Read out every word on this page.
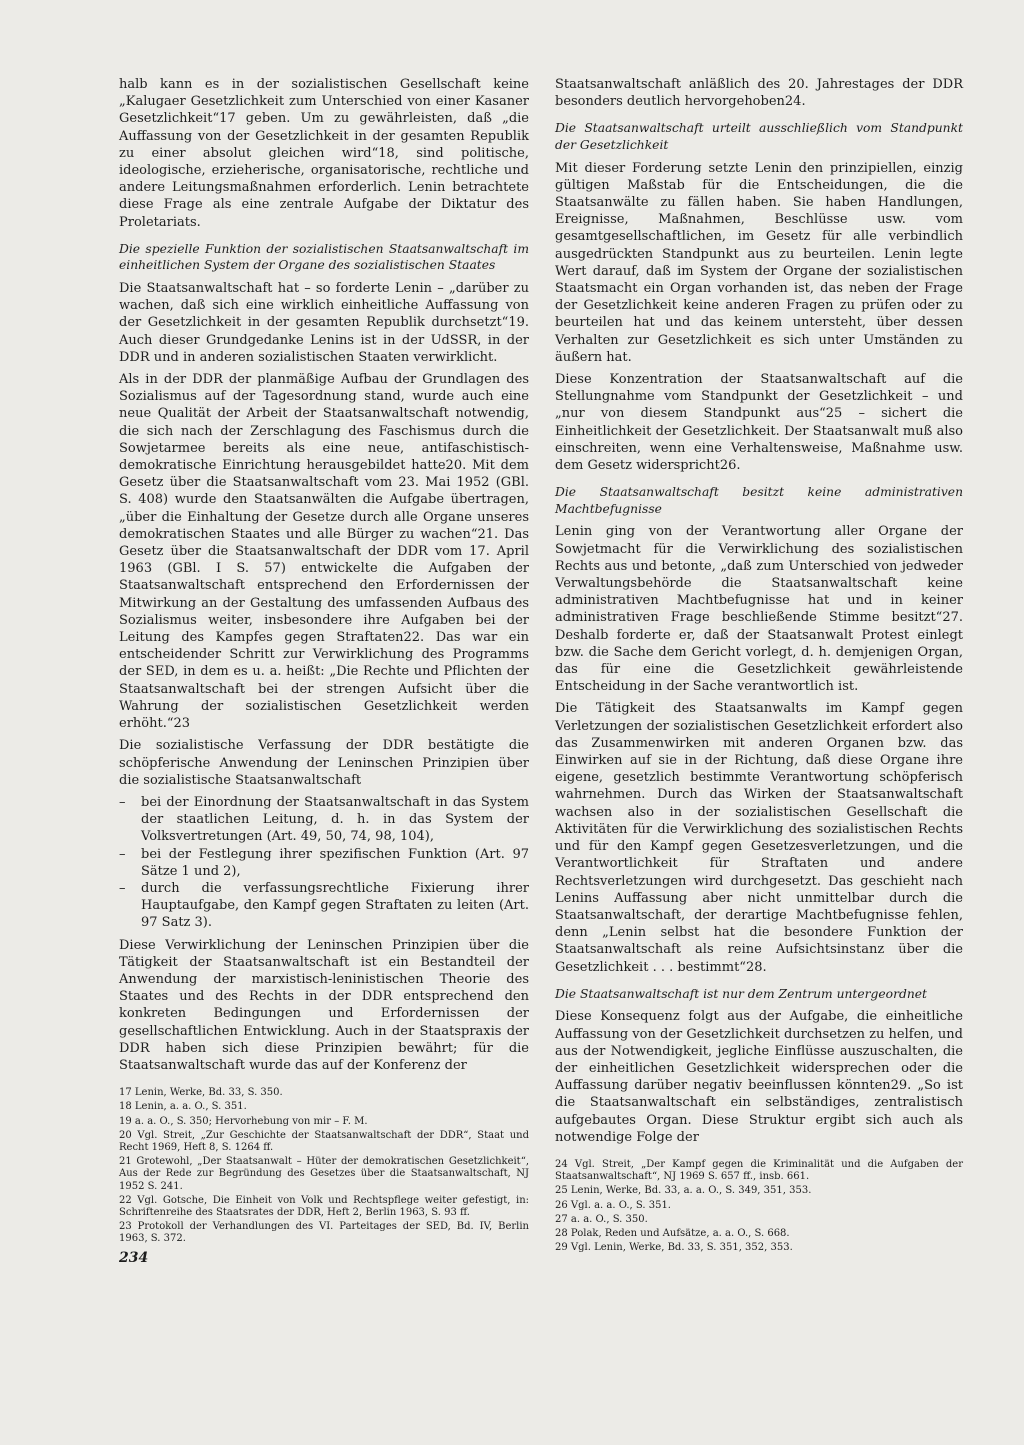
halb kann es in der sozialistischen Gesellschaft keine „Kalugaer Gesetzlichkeit zum Unterschied von einer Kasaner Gesetzlichkeit“17 geben. Um zu gewährleisten, daß „die Auffassung von der Gesetzlichkeit in der gesamten Republik zu einer absolut gleichen wird“18, sind politische, ideologische, erzieherische, organisatorische, rechtliche und andere Leitungsmaßnahmen erforderlich. Lenin betrachtete diese Frage als eine zentrale Aufgabe der Diktatur des Proletariats.

Die spezielle Funktion der sozialistischen Staatsanwaltschaft im einheitlichen System der Organe des sozialistischen Staates

Die Staatsanwaltschaft hat – so forderte Lenin – „darüber zu wachen, daß sich eine wirklich einheitliche Auffassung von der Gesetzlichkeit in der gesamten Republik durchsetzt“19. Auch dieser Grundgedanke Lenins ist in der UdSSR, in der DDR und in anderen sozialistischen Staaten verwirklicht.

Als in der DDR der planmäßige Aufbau der Grundlagen des Sozialismus auf der Tagesordnung stand, wurde auch eine neue Qualität der Arbeit der Staatsanwaltschaft notwendig, die sich nach der Zerschlagung des Faschismus durch die Sowjetarmee bereits als eine neue, antifaschistisch-demokratische Einrichtung herausgebildet hatte20. Mit dem Gesetz über die Staatsanwaltschaft vom 23. Mai 1952 (GBl. S. 408) wurde den Staatsanwälten die Aufgabe übertragen, „über die Einhaltung der Gesetze durch alle Organe unseres demokratischen Staates und alle Bürger zu wachen“21. Das Gesetz über die Staatsanwaltschaft der DDR vom 17. April 1963 (GBl. I S. 57) entwickelte die Aufgaben der Staatsanwaltschaft entsprechend den Erfordernissen der Mitwirkung an der Gestaltung des umfassenden Aufbaus des Sozialismus weiter, insbesondere ihre Aufgaben bei der Leitung des Kampfes gegen Straftaten22. Das war ein entscheidender Schritt zur Verwirklichung des Programms der SED, in dem es u. a. heißt: „Die Rechte und Pflichten der Staatsanwaltschaft bei der strengen Aufsicht über die Wahrung der sozialistischen Gesetzlichkeit werden erhöht.“23

Die sozialistische Verfassung der DDR bestätigte die schöpferische Anwendung der Leninschen Prinzipien über die sozialistische Staatsanwaltschaft

– bei der Einordnung der Staatsanwaltschaft in das System der staatlichen Leitung, d. h. in das System der Volksvertretungen (Art. 49, 50, 74, 98, 104),
– bei der Festlegung ihrer spezifischen Funktion (Art. 97 Sätze 1 und 2),
– durch die verfassungsrechtliche Fixierung ihrer Hauptaufgabe, den Kampf gegen Straftaten zu leiten (Art. 97 Satz 3).

Diese Verwirklichung der Leninschen Prinzipien über die Tätigkeit der Staatsanwaltschaft ist ein Bestandteil der Anwendung der marxistisch-leninistischen Theorie des Staates und des Rechts in der DDR entsprechend den konkreten Bedingungen und Erfordernissen der gesellschaftlichen Entwicklung. Auch in der Staatspraxis der DDR haben sich diese Prinzipien bewährt; für die Staatsanwaltschaft wurde das auf der Konferenz der

17 Lenin, Werke, Bd. 33, S. 350.

18 Lenin, a. a. O., S. 351.

19 a. a. O., S. 350; Hervorhebung von mir – F. M.

20 Vgl. Streit, „Zur Geschichte der Staatsanwaltschaft der DDR“, Staat und Recht 1969, Heft 8, S. 1264 ff.

21 Grotewohl, „Der Staatsanwalt – Hüter der demokratischen Gesetzlichkeit“, Aus der Rede zur Begründung des Gesetzes über die Staatsanwaltschaft, NJ 1952 S. 241.

22 Vgl. Gotsche, Die Einheit von Volk und Rechtspflege weiter gefestigt, in: Schriftenreihe des Staatsrates der DDR, Heft 2, Berlin 1963, S. 93 ff.

23 Protokoll der Verhandlungen des VI. Parteitages der SED, Bd. IV, Berlin 1963, S. 372.

Staatsanwaltschaft anläßlich des 20. Jahrestages der DDR besonders deutlich hervorgehoben24.

Die Staatsanwaltschaft urteilt ausschließlich vom Standpunkt der Gesetzlichkeit

Mit dieser Forderung setzte Lenin den prinzipiellen, einzig gültigen Maßstab für die Entscheidungen, die die Staatsanwälte zu fällen haben. Sie haben Handlungen, Ereignisse, Maßnahmen, Beschlüsse usw. vom gesamtgesellschaftlichen, im Gesetz für alle verbindlich ausgedrückten Standpunkt aus zu beurteilen. Lenin legte Wert darauf, daß im System der Organe der sozialistischen Staatsmacht ein Organ vorhanden ist, das neben der Frage der Gesetzlichkeit keine anderen Fragen zu prüfen oder zu beurteilen hat und das keinem untersteht, über dessen Verhalten zur Gesetzlichkeit es sich unter Umständen zu äußern hat.

Diese Konzentration der Staatsanwaltschaft auf die Stellungnahme vom Standpunkt der Gesetzlichkeit – und „nur von diesem Standpunkt aus“25 – sichert die Einheitlichkeit der Gesetzlichkeit. Der Staatsanwalt muß also einschreiten, wenn eine Verhaltensweise, Maßnahme usw. dem Gesetz widerspricht26.

Die Staatsanwaltschaft besitzt keine administrativen Machtbefugnisse

Lenin ging von der Verantwortung aller Organe der Sowjetmacht für die Verwirklichung des sozialistischen Rechts aus und betonte, „daß zum Unterschied von jedweder Verwaltungsbehörde die Staatsanwaltschaft keine administrativen Machtbefugnisse hat und in keiner administrativen Frage beschließende Stimme besitzt“27. Deshalb forderte er, daß der Staatsanwalt Protest einlegt bzw. die Sache dem Gericht vorlegt, d. h. demjenigen Organ, das für eine die Gesetzlichkeit gewährleistende Entscheidung in der Sache verantwortlich ist.

Die Tätigkeit des Staatsanwalts im Kampf gegen Verletzungen der sozialistischen Gesetzlichkeit erfordert also das Zusammenwirken mit anderen Organen bzw. das Einwirken auf sie in der Richtung, daß diese Organe ihre eigene, gesetzlich bestimmte Verantwortung schöpferisch wahrnehmen. Durch das Wirken der Staatsanwaltschaft wachsen also in der sozialistischen Gesellschaft die Aktivitäten für die Verwirklichung des sozialistischen Rechts und für den Kampf gegen Gesetzesverletzungen, und die Verantwortlichkeit für Straftaten und andere Rechtsverletzungen wird durchgesetzt. Das geschieht nach Lenins Auffassung aber nicht unmittelbar durch die Staatsanwaltschaft, der derartige Machtbefugnisse fehlen, denn „Lenin selbst hat die besondere Funktion der Staatsanwaltschaft als reine Aufsichtsinstanz über die Gesetzlichkeit . . . bestimmt“28.

Die Staatsanwaltschaft ist nur dem Zentrum untergeordnet

Diese Konsequenz folgt aus der Aufgabe, die einheitliche Auffassung von der Gesetzlichkeit durchsetzen zu helfen, und aus der Notwendigkeit, jegliche Einflüsse auszuschalten, die der einheitlichen Gesetzlichkeit widersprechen oder die Auffassung darüber negativ beeinflussen könnten29. „So ist die Staatsanwaltschaft ein selbständiges, zentralistisch aufgebautes Organ. Diese Struktur ergibt sich auch als notwendige Folge der

24 Vgl. Streit, „Der Kampf gegen die Kriminalität und die Aufgaben der Staatsanwaltschaft“, NJ 1969 S. 657 ff., insb. 661.

25 Lenin, Werke, Bd. 33, a. a. O., S. 349, 351, 353.

26 Vgl. a. a. O., S. 351.

27 a. a. O., S. 350.

28 Polak, Reden und Aufsätze, a. a. O., S. 668.

29 Vgl. Lenin, Werke, Bd. 33, S. 351, 352, 353.

234
